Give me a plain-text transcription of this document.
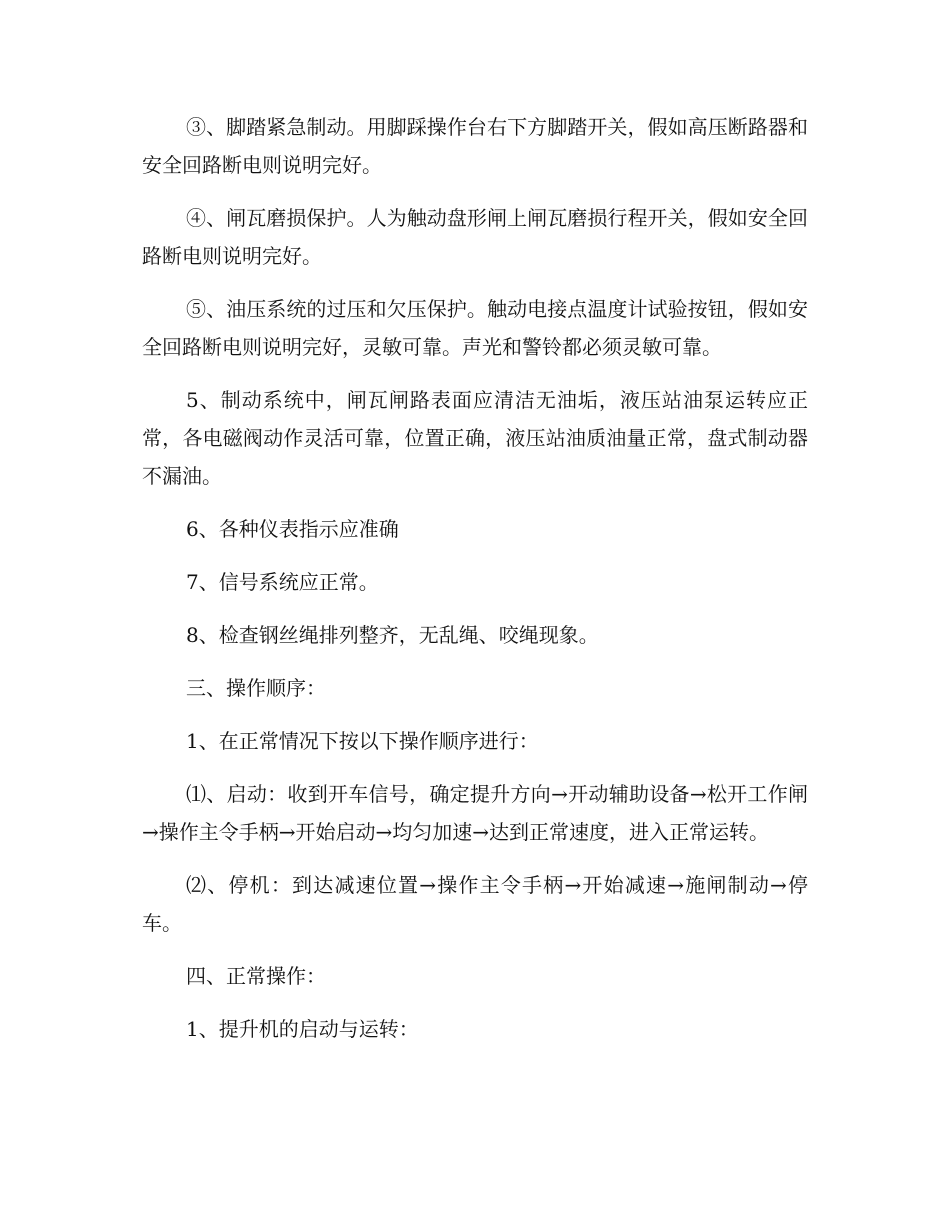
③、脚踏紧急制动。用脚踩操作台右下方脚踏开关，假如高压断路器和安全回路断电则说明完好。

④、闸瓦磨损保护。人为触动盘形闸上闸瓦磨损行程开关，假如安全回路断电则说明完好。

⑤、油压系统的过压和欠压保护。触动电接点温度计试验按钮，假如安全回路断电则说明完好，灵敏可靠。声光和警铃都必须灵敏可靠。

5、制动系统中，闸瓦闸路表面应清洁无油垢，液压站油泵运转应正常，各电磁阀动作灵活可靠，位置正确，液压站油质油量正常，盘式制动器不漏油。

6、各种仪表指示应准确

7、信号系统应正常。

8、检查钢丝绳排列整齐，无乱绳、咬绳现象。

三、操作顺序：

1、在正常情况下按以下操作顺序进行：

⑴、启动：收到开车信号，确定提升方向→开动辅助设备→松开工作闸→操作主令手柄→开始启动→均匀加速→达到正常速度，进入正常运转。

⑵、停机：到达减速位置→操作主令手柄→开始减速→施闸制动→停车。

四、正常操作：

1、提升机的启动与运转：
